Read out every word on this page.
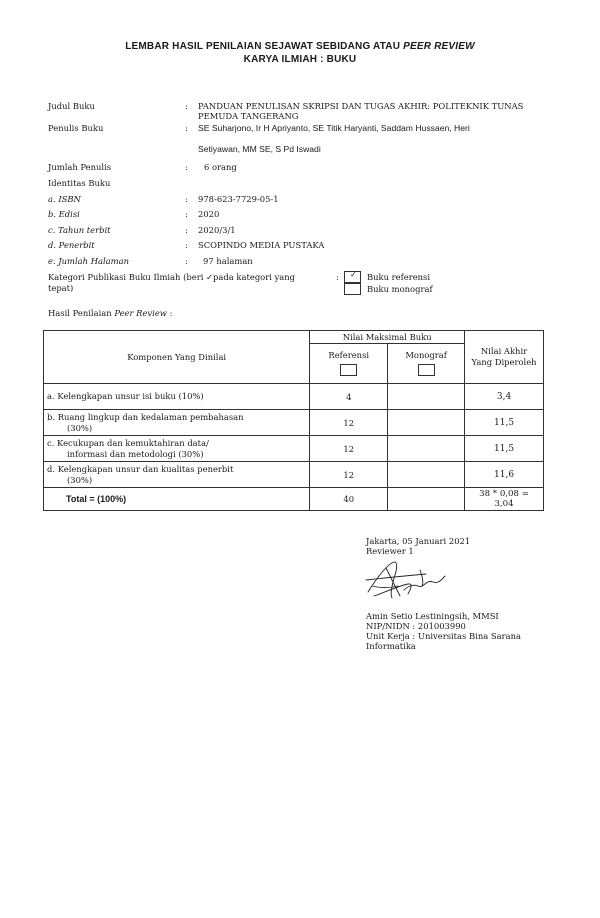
LEMBAR HASIL PENILAIAN SEJAWAT SEBIDANG ATAU PEER REVIEW
KARYA ILMIAH : BUKU
Judul Buku	: PANDUAN PENULISAN SKRIPSI DAN TUGAS AKHIR: POLITEKNIK TUNAS
PEMUDA TANGERANG
Penulis Buku	: SE Suharjono, Ir H Apriyanto, SE Titik Haryanti, Saddam Hussaen, Heri
Setiyawan, MM SE, S Pd Iswadi
Jumlah Penulis	: 6 orang
Identitas Buku
a. ISBN	: 978-623-7729-05-1
b. Edisi	: 2020
c. Tahun terbit	: 2020/3/1
d. Penerbit	: SCOPINDO MEDIA PUSTAKA
e. Jumlah Halaman	: 97 halaman
Kategori Publikasi Buku Ilmiah (beri ✓pada kategori yang
tepat)
: ✓ Buku referensi
Buku monograf
Hasil Penilaian Peer Review :
Komponen Yang Dinilai	Nilai Maksimal Buku		Nilai Akhir Yang Diperoleh

	Referensi	Monograf	

a. Kelengkapan unsur isi buku (10%)	4		3,4

b. Ruang lingkup dan kedalaman pembahasan
(30%)	12		11,5

c. Kecukupan dan kemuktahiran data/
informasi dan metodologi (30%)	12		11,5

d. Kelengkapan unsur dan kualitas penerbit
(30%)	12		11,6
Total = (100%)	40		38 * 0,08 =
3,04
Jakarta, 05 Januari 2021
Reviewer 1
Amin Setio Lestiningsih, MMSI
NIP/NIDN : 201003990
Unit Kerja : Universitas Bina Sarana
Informatika
